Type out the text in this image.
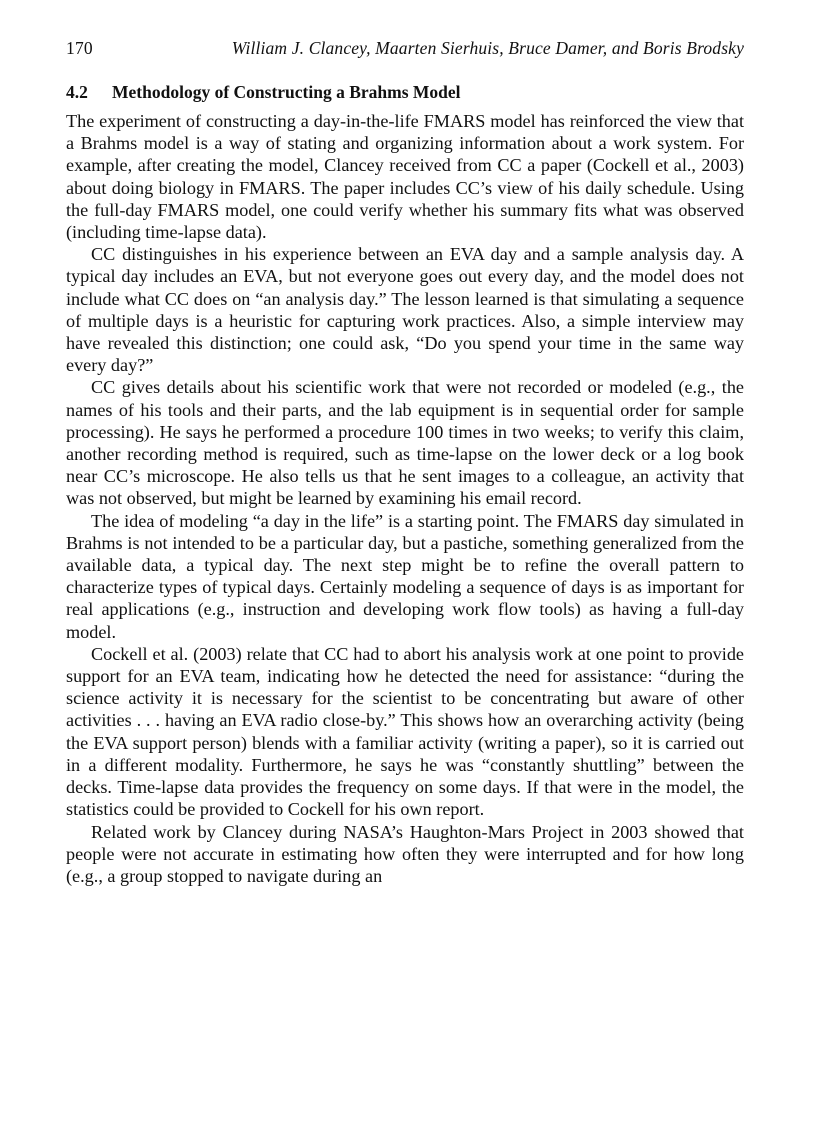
170	William J. Clancey, Maarten Sierhuis, Bruce Damer, and Boris Brodsky
4.2 Methodology of Constructing a Brahms Model

The experiment of constructing a day-in-the-life FMARS model has reinforced the view that a Brahms model is a way of stating and organizing information about a work system. For example, after creating the model, Clancey received from CC a paper (Cockell et al., 2003) about doing biology in FMARS. The paper includes CC’s view of his daily schedule. Using the full-day FMARS model, one could verify whether his summary fits what was observed (including time-lapse data).

CC distinguishes in his experience between an EVA day and a sample analysis day. A typical day includes an EVA, but not everyone goes out every day, and the model does not include what CC does on “an analysis day.” The lesson learned is that simulating a sequence of multiple days is a heuristic for capturing work practices. Also, a simple interview may have revealed this distinction; one could ask, “Do you spend your time in the same way every day?”

CC gives details about his scientific work that were not recorded or modeled (e.g., the names of his tools and their parts, and the lab equipment is in sequential order for sample processing). He says he performed a procedure 100 times in two weeks; to verify this claim, another recording method is required, such as time-lapse on the lower deck or a log book near CC’s microscope. He also tells us that he sent images to a colleague, an activity that was not observed, but might be learned by examining his email record.

The idea of modeling “a day in the life” is a starting point. The FMARS day simulated in Brahms is not intended to be a particular day, but a pastiche, something generalized from the available data, a typical day. The next step might be to refine the overall pattern to characterize types of typical days. Certainly modeling a sequence of days is as important for real applications (e.g., instruction and developing work flow tools) as having a full-day model.

Cockell et al. (2003) relate that CC had to abort his analysis work at one point to provide support for an EVA team, indicating how he detected the need for assistance: “during the science activity it is necessary for the scientist to be concentrating but aware of other activities . . . having an EVA radio close-by.” This shows how an overarching activity (being the EVA support person) blends with a familiar activity (writing a paper), so it is carried out in a different modality. Furthermore, he says he was “constantly shuttling” between the decks. Time-lapse data provides the frequency on some days. If that were in the model, the statistics could be provided to Cockell for his own report.

Related work by Clancey during NASA’s Haughton-Mars Project in 2003 showed that people were not accurate in estimating how often they were interrupted and for how long (e.g., a group stopped to navigate during an
